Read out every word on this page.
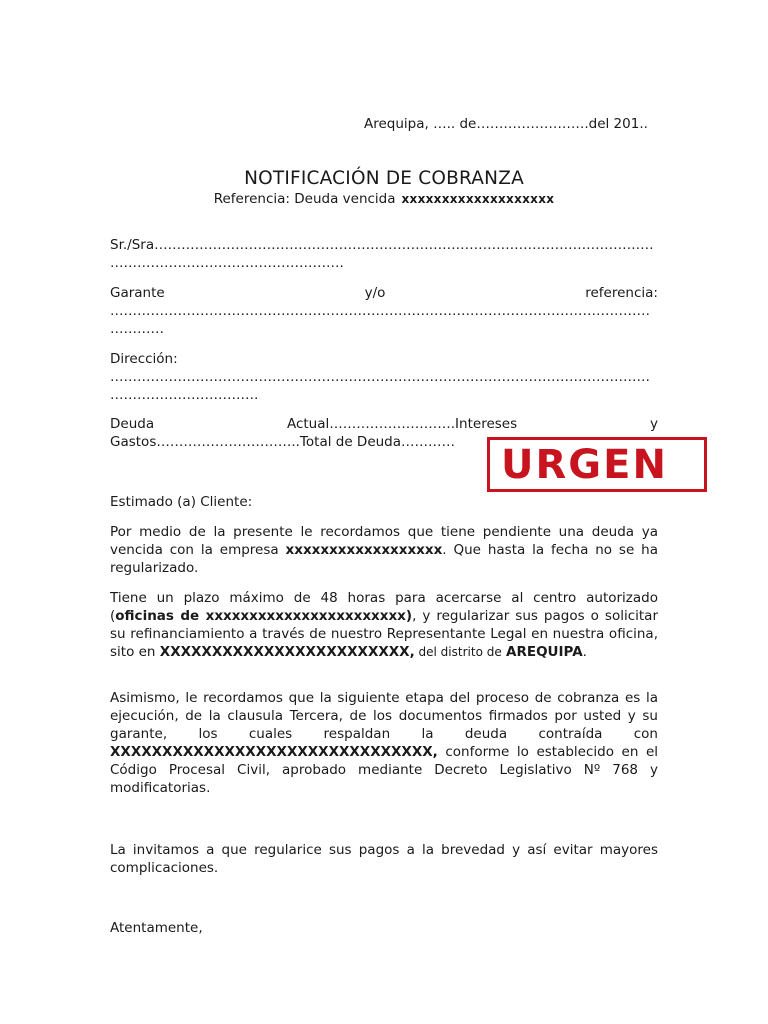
Arequipa, ….. de…………………….del 201..
NOTIFICACIÓN DE COBRANZA
Referencia: Deuda vencida xxxxxxxxxxxxxxxxxxx
Sr./Sra…………………………………………………………………………………………………
…………………………………………….
Garante	y/o	referencia:
…………………………………………………………………………………………………………
…………
Dirección:
…………………………………………………………………………………………………………
……………………………
Deuda	Actual……………………….Intereses	y
Gastos…………………………..Total de Deuda…………	URGEN
Estimado (a) Cliente:
Por medio de la presente le recordamos que tiene pendiente una deuda ya vencida con la empresa xxxxxxxxxxxxxxxxxx. Que hasta la fecha no se ha regularizado.
Tiene un plazo máximo de 48 horas para acercarse al centro autorizado (oficinas de xxxxxxxxxxxxxxxxxxxxxxx), y regularizar sus pagos o solicitar su refinanciamiento a través de nuestro Representante Legal en nuestra oficina, sito en XXXXXXXXXXXXXXXXXXXXXXXX, del distrito de AREQUIPA.
Asimismo, le recordamos que la siguiente etapa del proceso de cobranza es la ejecución, de la clausula Tercera, de los documentos firmados por usted y su garante, los cuales respaldan la deuda contraída con XXXXXXXXXXXXXXXXXXXXXXXXXXXXXXX, conforme lo establecido en el Código Procesal Civil, aprobado mediante Decreto Legislativo Nº 768 y modificatorias.
La invitamos a que regularice sus pagos a la brevedad y así evitar mayores complicaciones.
Atentamente,
